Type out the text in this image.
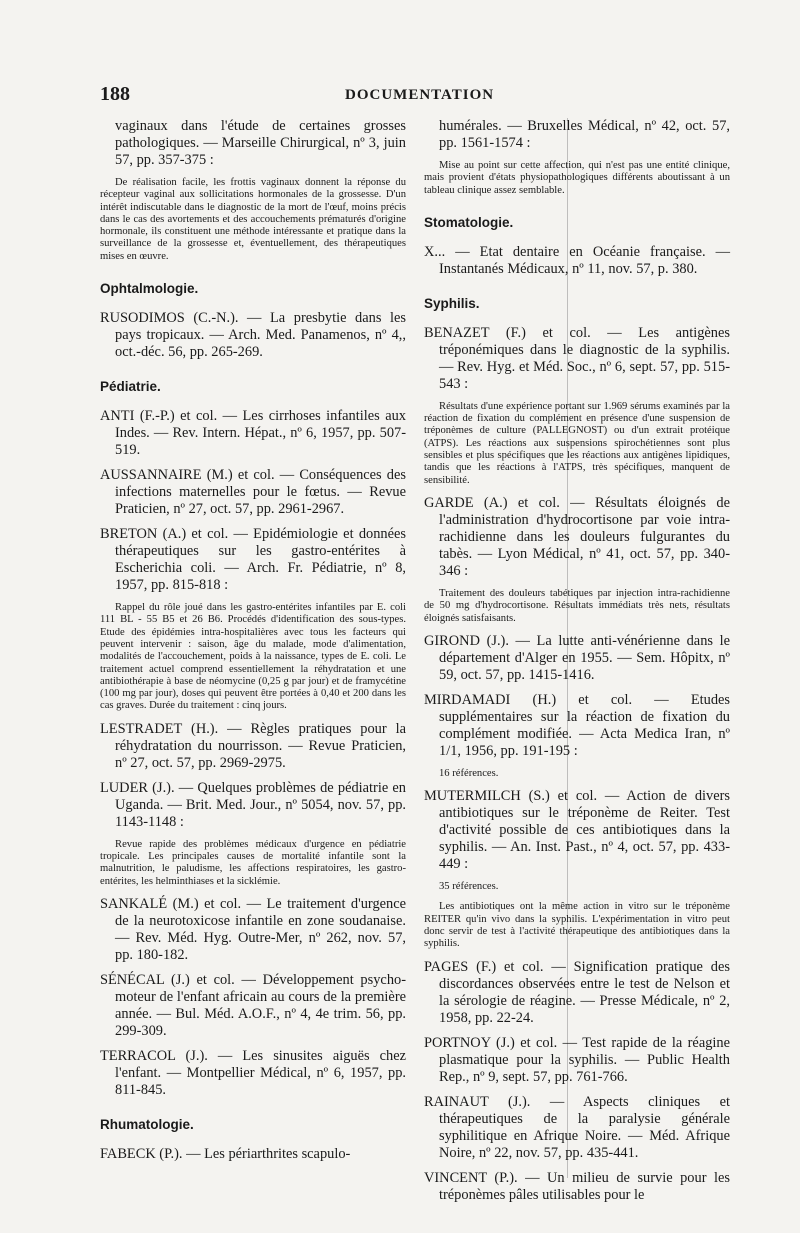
188	DOCUMENTATION
vaginaux dans l'étude de certaines grosses pathologiques. — Marseille Chirurgical, nº 3, juin 57, pp. 357-375 :
De réalisation facile, les frottis vaginaux donnent la réponse du récepteur vaginal aux sollicitations hormonales de la grossesse. D'un intérêt indiscutable dans le diagnostic de la mort de l'œuf, moins précis dans le cas des avortements et des accouchements prématurés d'origine hormonale, ils constituent une méthode intéressante et pratique dans la surveillance de la grossesse et, éventuellement, des thérapeutiques mises en œuvre.
Ophtalmologie.
RUSODIMOS (C.-N.). — La presbytie dans les pays tropicaux. — Arch. Med. Panamenos, nº 4,, oct.-déc. 56, pp. 265-269.
Pédiatrie.
ANTI (F.-P.) et col. — Les cirrhoses infantiles aux Indes. — Rev. Intern. Hépat., nº 6, 1957, pp. 507-519.
AUSSANNAIRE (M.) et col. — Conséquences des infections maternelles pour le fœtus. — Revue Praticien, nº 27, oct. 57, pp. 2961-2967.
BRETON (A.) et col. — Epidémiologie et données thérapeutiques sur les gastro-entérites à Escherichia coli. — Arch. Fr. Pédiatrie, nº 8, 1957, pp. 815-818 :
Rappel du rôle joué dans les gastro-entérites infantiles par E. coli 111 BL - 55 B5 et 26 B6. Procédés d'identification des sous-types. Etude des épidémies intra-hospitalières avec tous les facteurs qui peuvent intervenir : saison, âge du malade, mode d'alimentation, modalités de l'accouchement, poids à la naissance, types de E. coli. Le traitement actuel comprend essentiellement la réhydratation et une antibiothérapie à base de néomycine (0,25 g par jour) et de framycétine (100 mg par jour), doses qui peuvent être portées à 0,40 et 200 dans les cas graves. Durée du traitement : cinq jours.
LESTRADET (H.). — Règles pratiques pour la réhydratation du nourrisson. — Revue Praticien, nº 27, oct. 57, pp. 2969-2975.
LUDER (J.). — Quelques problèmes de pédiatrie en Uganda. — Brit. Med. Jour., nº 5054, nov. 57, pp. 1143-1148 :
Revue rapide des problèmes médicaux d'urgence en pédiatrie tropicale. Les principales causes de mortalité infantile sont la malnutrition, le paludisme, les affections respiratoires, les gastro-entérites, les helminthiases et la sicklémie.
SANKALÉ (M.) et col. — Le traitement d'urgence de la neurotoxicose infantile en zone soudanaise. — Rev. Méd. Hyg. Outre-Mer, nº 262, nov. 57, pp. 180-182.
SÉNÉCAL (J.) et col. — Développement psycho-moteur de l'enfant africain au cours de la première année. — Bul. Méd. A.O.F., nº 4, 4e trim. 56, pp. 299-309.
TERRACOL (J.). — Les sinusites aiguës chez l'enfant. — Montpellier Médical, nº 6, 1957, pp. 811-845.
Rhumatologie.
FABECK (P.). — Les périarthrites scapulo-
humérales. — Bruxelles Médical, nº 42, oct. 57, pp. 1561-1574 :
Mise au point sur cette affection, qui n'est pas une entité clinique, mais provient d'états physiopathologiques différents aboutissant à un tableau clinique assez semblable.
Stomatologie.
X... — Etat dentaire en Océanie française. — Instantanés Médicaux, nº 11, nov. 57, p. 380.
Syphilis.
BENAZET (F.) et col. — Les antigènes tréponémiques dans le diagnostic de la syphilis. — Rev. Hyg. et Méd. Soc., nº 6, sept. 57, pp. 515-543 :
Résultats d'une expérience portant sur 1.969 sérums examinés par la réaction de fixation du complément en présence d'une suspension de tréponèmes de culture (PALLEGNOST) ou d'un extrait protéique (ATPS). Les réactions aux suspensions spirochétiennes sont plus sensibles et plus spécifiques que les réactions aux antigènes lipidiques, tandis que les réactions à l'ATPS, très spécifiques, manquent de sensibilité.
GARDE (A.) et col. — Résultats éloignés de l'administration d'hydrocortisone par voie intra-rachidienne dans les douleurs fulgurantes du tabès. — Lyon Médical, nº 41, oct. 57, pp. 340-346 :
Traitement des douleurs tabétiques par injection intra-rachidienne de 50 mg d'hydrocortisone. Résultats immédiats très nets, résultats éloignés satisfaisants.
GIROND (J.). — La lutte anti-vénérienne dans le département d'Alger en 1955. — Sem. Hôpitx, nº 59, oct. 57, pp. 1415-1416.
MIRDAMADI (H.) et col. — Etudes supplémentaires sur la réaction de fixation du complément modifiée. — Acta Medica Iran, nº 1/1, 1956, pp. 191-195 :
16 références.
MUTERMILCH (S.) et col. — Action de divers antibiotiques sur le tréponème de Reiter. Test d'activité possible de ces antibiotiques dans la syphilis. — An. Inst. Past., nº 4, oct. 57, pp. 433-449 :
35 références.
Les antibiotiques ont la même action in vitro sur le tréponème REITER qu'in vivo dans la syphilis. L'expérimentation in vitro peut donc servir de test à l'activité thérapeutique des antibiotiques dans la syphilis.
PAGES (F.) et col. — Signification pratique des discordances observées entre le test de Nelson et la sérologie de réagine. — Presse Médicale, nº 2, 1958, pp. 22-24.
PORTNOY (J.) et col. — Test rapide de la réagine plasmatique pour la syphilis. — Public Health Rep., nº 9, sept. 57, pp. 761-766.
RAINAUT (J.). — Aspects cliniques et thérapeutiques de la paralysie générale syphilitique en Afrique Noire. — Méd. Afrique Noire, nº 22, nov. 57, pp. 435-441.
VINCENT (P.). — Un milieu de survie pour les tréponèmes pâles utilisables pour le
